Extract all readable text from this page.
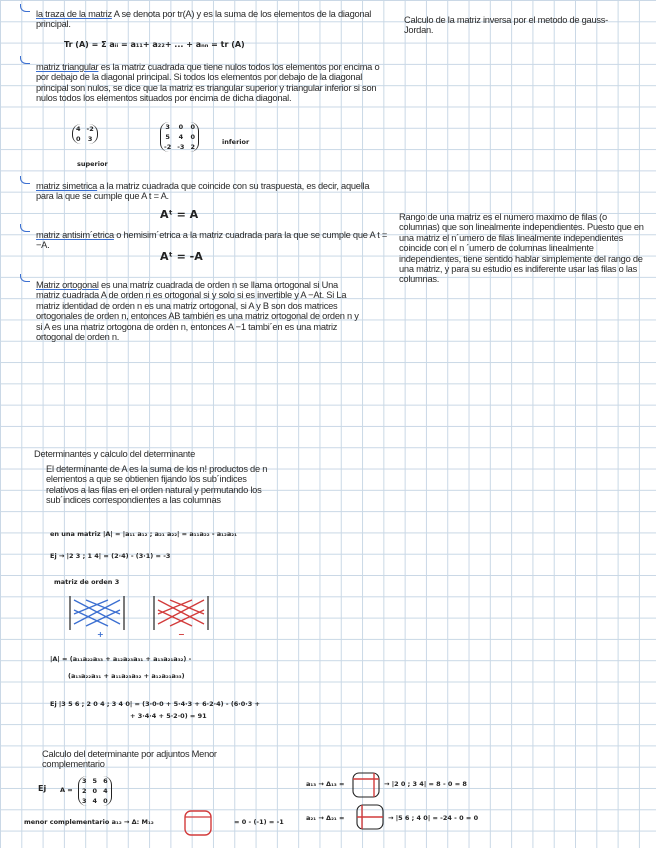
la traza de la matriz A se denota por tr(A) y es la suma de los elementos de la diagonal principal.
Tr (A) = Σ aᵢᵢ = a₁₁+ a₂₂+ ... + aₙₙ = tr (A)
matriz triangular es la matriz cuadrada que tiene nulos todos los elementos por encima o por debajo de la diagonal principal. Si todos los elementos por debajo de la diagonal principal son nulos, se dice que la matriz es triangular superior y triangular inferior si son nulos todos los elementos situados por encima de dicha diagonal.
4	-2
0	3
superior
3	0	0
5	4	0
-2	-3	2
inferior
matriz simetrica a la matriz cuadrada que coincide con su traspuesta, es decir, aquella para la que se cumple que A t = A.
Aᵗ = A
matriz antisim´etrica o hemisim´etrica a la matriz cuadrada para la que se cumple que A t = −A.
Aᵗ = -A
Matriz ortogonal es una matriz cuadrada de orden n se llama ortogonal si Una matriz cuadrada A de orden n es ortogonal si y solo si es invertible y A −At. Si La matriz identidad de orden n es una matriz ortogonal, si A y B son dos matrices ortogonales de orden n, entonces AB también es una matriz ortogonal de orden n y si A es una matriz ortogona de orden n, entonces A −1 tambi´en es una matriz ortogonal de orden n.
Determinantes y calculo del determinante
El determinante de A es la suma de los n! productos de n elementos a que se obtienen fijando los sub´indices relativos a las filas en el orden natural y permutando los sub´indices correspondientes a las columnas
en una matriz |A| = |a₁₁ a₁₂ ; a₂₁ a₂₂| = a₁₁a₂₂ - a₁₂a₂₁
Ej → |2 3 ; 1 4| = (2·4) - (3·1) = -3
matriz de orden 3
+	−
|A| = (a₁₁a₂₂a₃₃ + a₁₂a₂₃a₃₁ + a₁₃a₂₁a₃₂) -
(a₁₃a₂₂a₃₁ + a₁₁a₂₃a₃₂ + a₁₂a₂₁a₃₃)
Ej |3 5 6 ; 2 0 4 ; 3 4 0| = (3·0·0 + 5·4·3 + 6·2·4) - (6·0·3 +
+ 3·4·4 + 5·2·0) = 91
Calculo del determinante por adjuntos Menor complementario
Ej A =
3	5	6
2	0	4
3	4	0
menor complementario a₁₂ → Δ: M₁₂	= 0 - (-1) = -1
Calculo de la matriz inversa por el metodo de gauss-Jordan.
Rango de una matriz es el numero maximo de filas (o columnas) que son linealmente independientes. Puesto que en una matriz el n´umero de filas linealmente independientes coincide con el n ´umero de columnas linealmente independientes, tiene sentido hablar simplemente del rango de una matriz, y para su estudio es indiferente usar las filas o las columnas.
a₁₃ → Δ₁₃ =	→ |2 0 ; 3 4| = 8 - 0 = 8
a₂₁ → Δ₂₁ =	→ |5 6 ; 4 0| = -24 - 0 = 0
